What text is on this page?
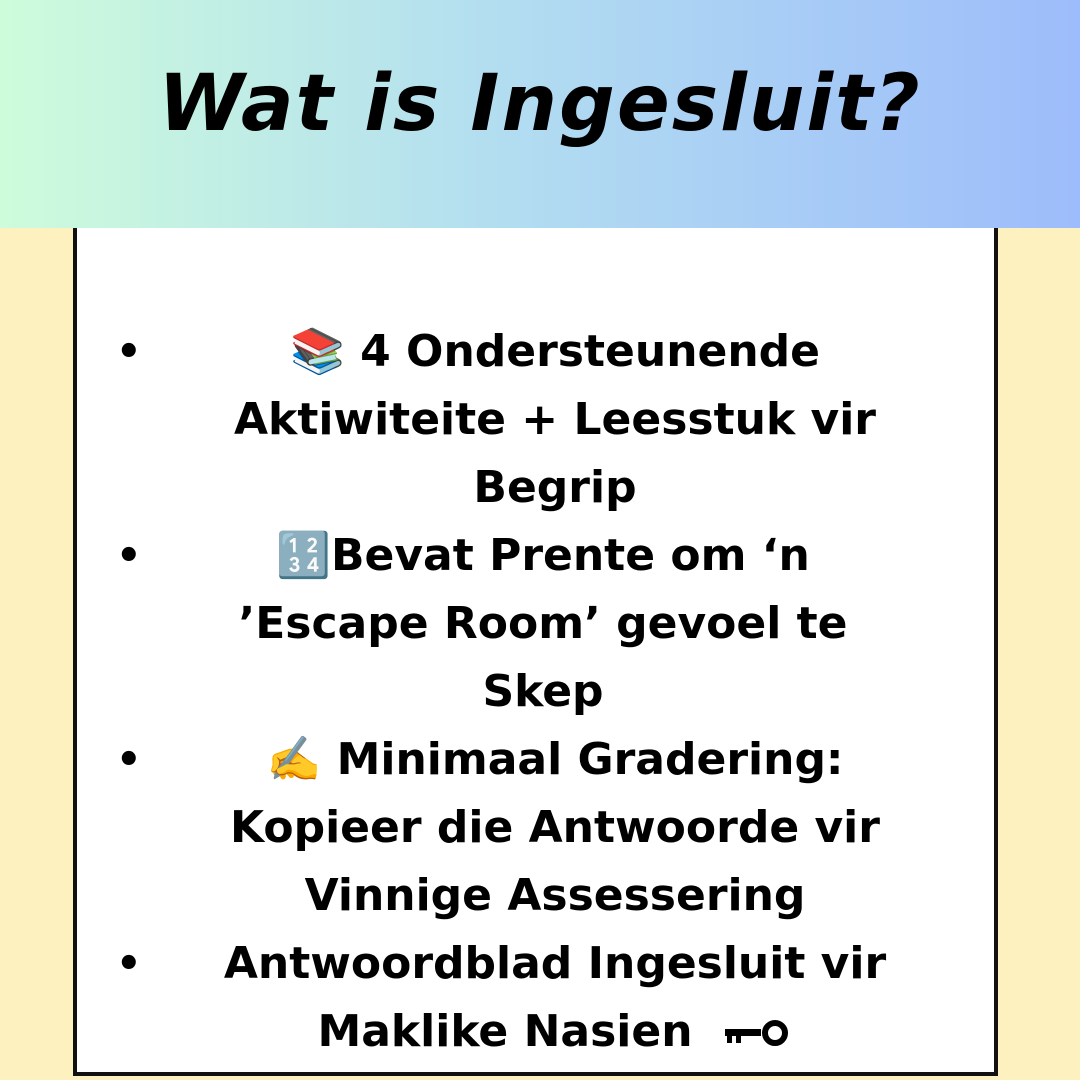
Wat is Ingesluit?
•	📚 4 Ondersteunende Aktiwiteite + Leesstuk vir Begrip
•	🔢Bevat Prente om ‘n ’Escape Room’ gevoel te Skep
•	✍️ Minimaal Gradering: Kopieer die Antwoorde vir Vinnige Assessering
•	Antwoordblad Ingesluit vir Maklike Nasien
